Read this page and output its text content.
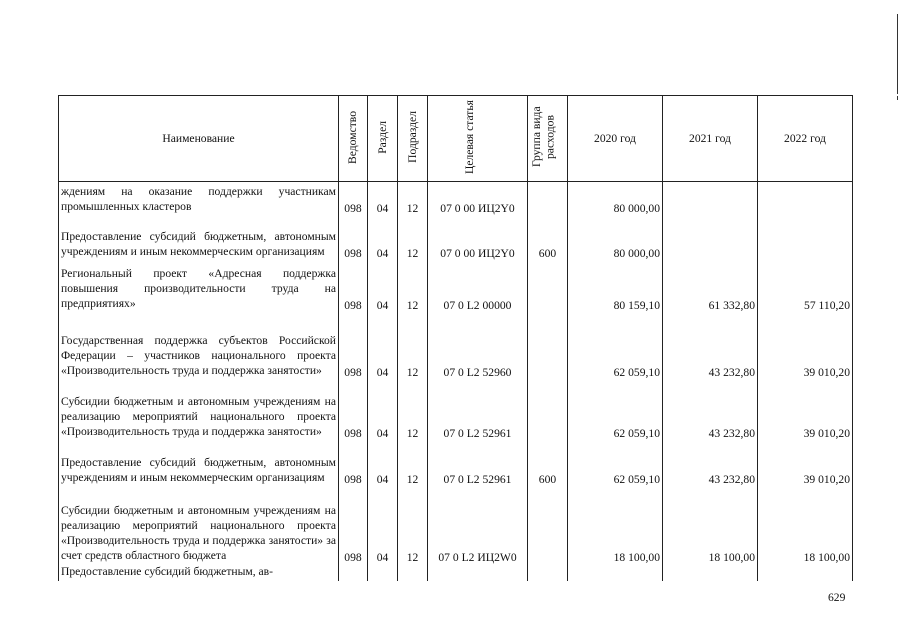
Наименование	Ведомство	Раздел	Подраздел	Целевая статья	Группа вида расходов	2020 год	2021 год	2022 год
ждениям на оказание поддержки участникам промышленных кластеров	098	04	12	07 0 00 ИЦ2Y0		80 000,00		
Предоставление субсидий бюджетным, автономным учреждениям и иным некоммерческим организациям	098	04	12	07 0 00 ИЦ2Y0	600	80 000,00		
Региональный проект «Адресная поддержка повышения производительности труда на предприятиях»	098	04	12	07 0 L2 00000		80 159,10	61 332,80	57 110,20
Государственная поддержка субъектов Российской Федерации – участников национального проекта «Производительность труда и поддержка занятости»	098	04	12	07 0 L2 52960		62 059,10	43 232,80	39 010,20
Субсидии бюджетным и автономным учреждениям на реализацию мероприятий национального проекта «Производительность труда и поддержка занятости»	098	04	12	07 0 L2 52961		62 059,10	43 232,80	39 010,20
Предоставление субсидий бюджетным, автономным учреждениям и иным некоммерческим организациям	098	04	12	07 0 L2 52961	600	62 059,10	43 232,80	39 010,20
Субсидии бюджетным и автономным учреждениям на реализацию мероприятий национального проекта «Производительность труда и поддержка занятости» за счет средств областного бюджета	098	04	12	07 0 L2 ИЦ2W0		18 100,00	18 100,00	18 100,00
Предоставление субсидий бюджетным, ав-								
629
